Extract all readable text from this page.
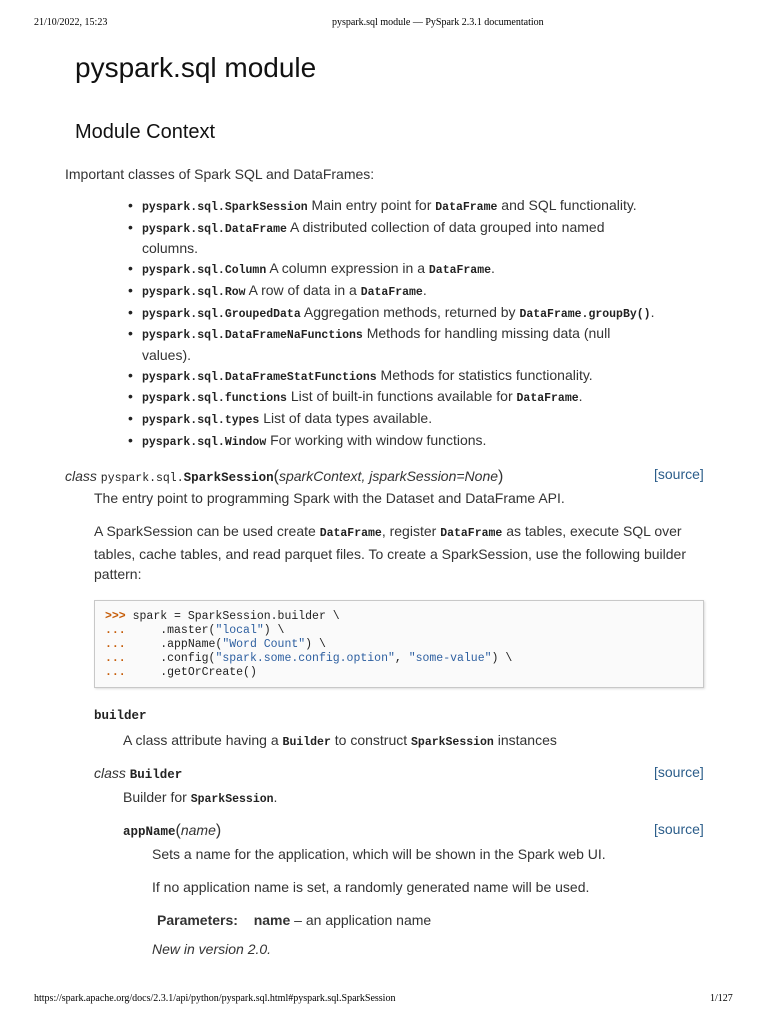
21/10/2022, 15:23	pyspark.sql module — PySpark 2.3.1 documentation
pyspark.sql module
Module Context

Important classes of Spark SQL and DataFrames:

• pyspark.sql.SparkSession Main entry point for DataFrame and SQL functionality.
• pyspark.sql.DataFrame A distributed collection of data grouped into named columns.
• pyspark.sql.Column A column expression in a DataFrame.
• pyspark.sql.Row A row of data in a DataFrame.
• pyspark.sql.GroupedData Aggregation methods, returned by DataFrame.groupBy().
• pyspark.sql.DataFrameNaFunctions Methods for handling missing data (null values).
• pyspark.sql.DataFrameStatFunctions Methods for statistics functionality.
• pyspark.sql.functions List of built-in functions available for DataFrame.
• pyspark.sql.types List of data types available.
• pyspark.sql.Window For working with window functions.
class pyspark.sql.SparkSession(sparkContext, jsparkSession=None)	[source]

The entry point to programming Spark with the Dataset and DataFrame API.

A SparkSession can be used create DataFrame, register DataFrame as tables, execute SQL over tables, cache tables, and read parquet files. To create a SparkSession, use the following builder pattern:

>>> spark = SparkSession.builder \
...     .master("local") \
...     .appName("Word Count") \
...     .config("spark.some.config.option", "some-value") \
...     .getOrCreate()
builder

A class attribute having a Builder to construct SparkSession instances

class Builder	[source]

Builder for SparkSession.

appName(name)	[source]

Sets a name for the application, which will be shown in the Spark web UI.

If no application name is set, a randomly generated name will be used.

Parameters: name – an application name

New in version 2.0.

https://spark.apache.org/docs/2.3.1/api/python/pyspark.sql.html#pyspark.sql.SparkSession	1/127
